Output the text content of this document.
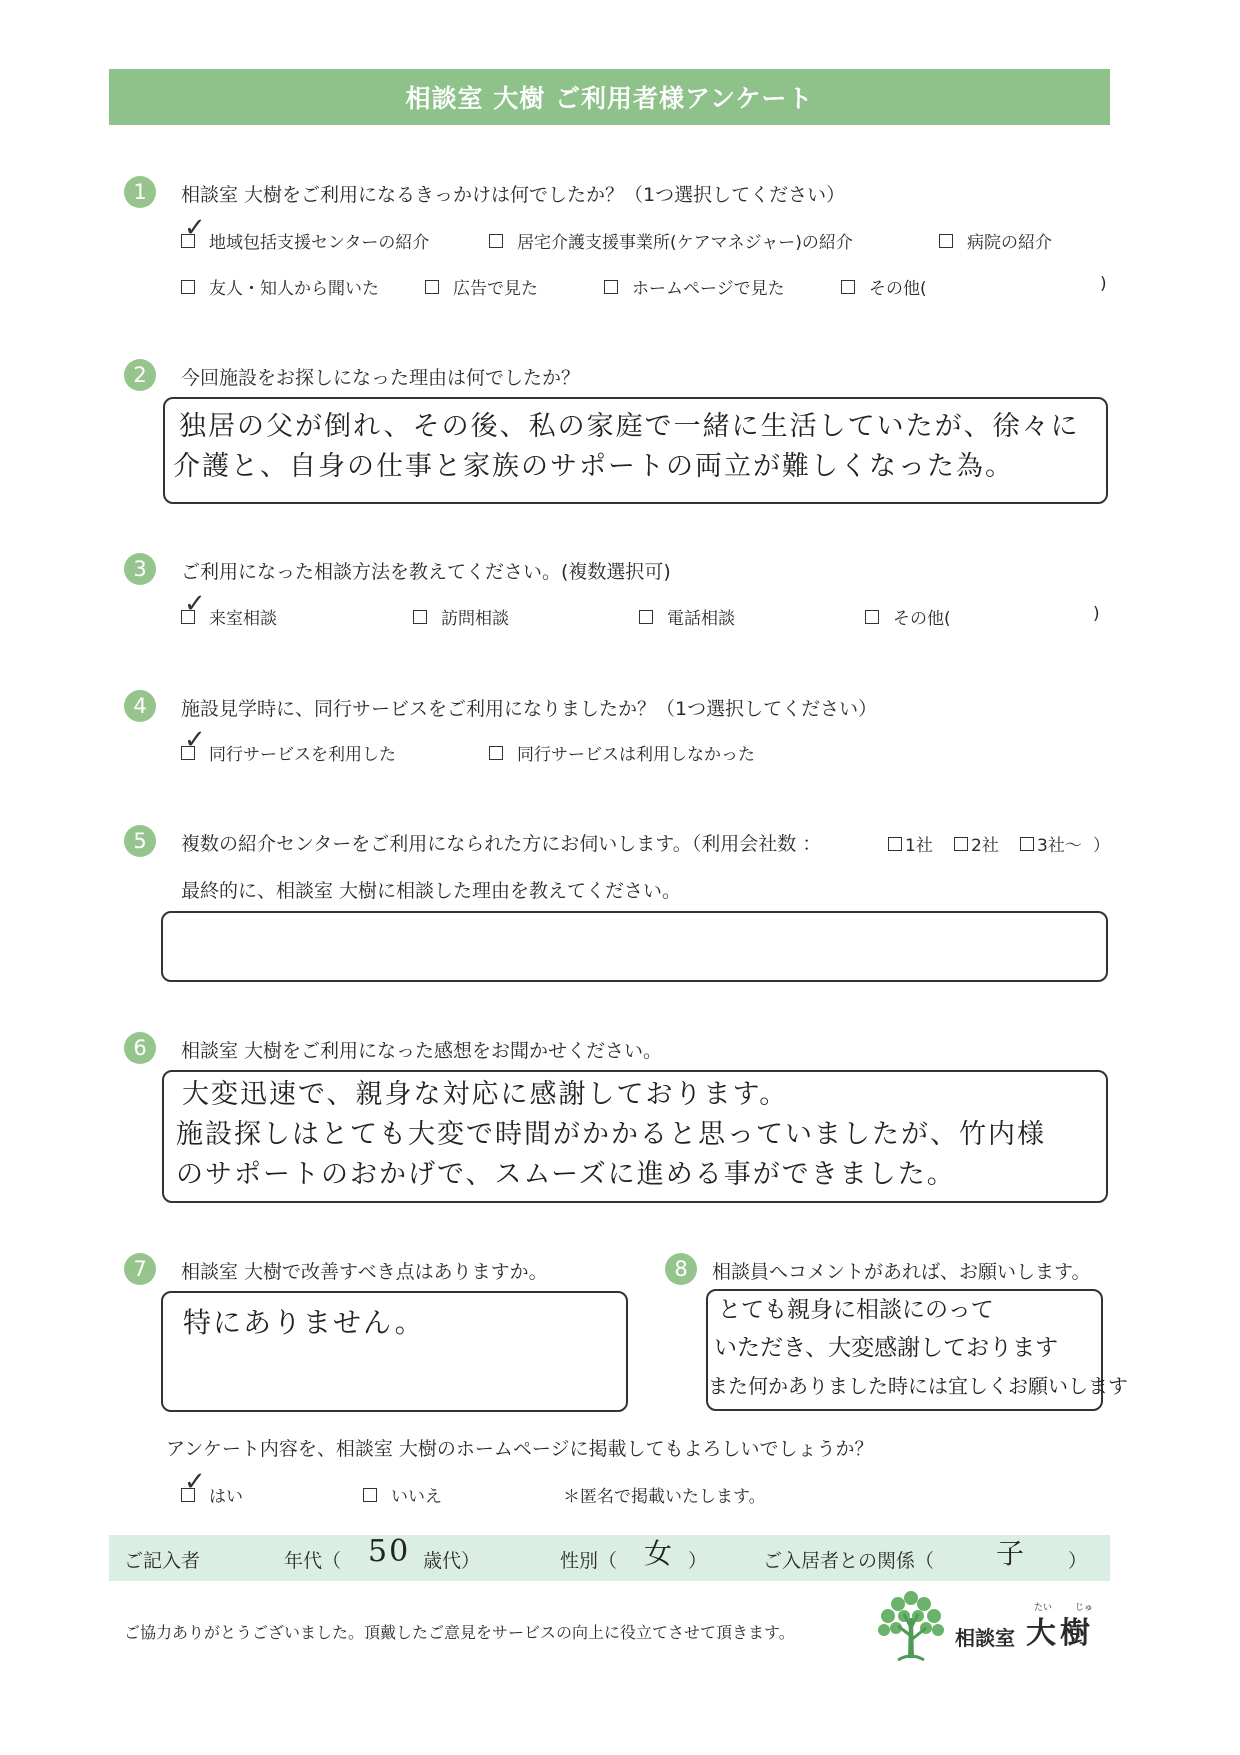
相談室 大樹 ご利用者様アンケート
1	相談室 大樹をご利用になるきっかけは何でしたか？（1つ選択してください）
✓
地域包括支援センターの紹介	居宅介護支援事業所(ケアマネジャー)の紹介	病院の紹介
友人・知人から聞いた	広告で見た	ホームページで見た	その他(	)
2	今回施設をお探しになった理由は何でしたか？
独居の父が倒れ、その後、私の家庭で一緒に生活していたが、徐々に
介護と、自身の仕事と家族のサポートの両立が難しくなった為。
3	ご利用になった相談方法を教えてください。(複数選択可)
✓
来室相談	訪問相談	電話相談	その他(	)
4	施設見学時に、同行サービスをご利用になりましたか？（1つ選択してください）
✓
同行サービスを利用した	同行サービスは利用しなかった
5	複数の紹介センターをご利用になられた方にお伺いします。（利用会社数 ：	1社 2社 3社〜 ）
最終的に、相談室 大樹に相談した理由を教えてください。
6	相談室 大樹をご利用になった感想をお聞かせください。
大変迅速で、親身な対応に感謝しております。
施設探しはとても大変で時間がかかると思っていましたが、竹内様
のサポートのおかげで、スムーズに進める事ができました。
7	相談室 大樹で改善すべき点はありますか。
特にありません。
8	相談員へコメントがあれば、お願いします。
とても親身に相談にのって
いただき、大変感謝しております
また何かありました時には宜しくお願いします
アンケート内容を、相談室 大樹のホームページに掲載してもよろしいでしょうか？
✓
はい	いいえ	＊匿名で掲載いたします。
ご記入者	年代（ 50 歳代）	性別（ 女 ）	ご入居者との関係（ 子 ）
ご協力ありがとうございました。頂戴したご意見をサービスの向上に役立てさせて頂きます。	相談室 大樹
たい	じゅ
